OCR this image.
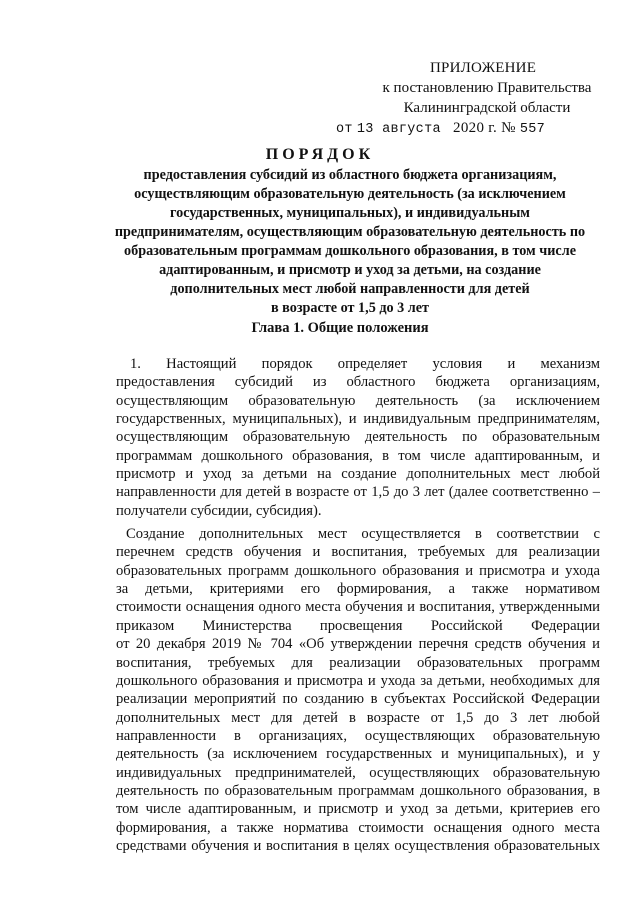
ПРИЛОЖЕНИЕ
к постановлению Правительства
Калининградской области
от 13 августа 2020 г. № 557
ПОРЯДОК
предоставления субсидий из областного бюджета организациям,
осуществляющим образовательную деятельность (за исключением
государственных, муниципальных), и индивидуальным
предпринимателям, осуществляющим образовательную деятельность по
образовательным программам дошкольного образования, в том числе
адаптированным, и присмотр и уход за детьми, на создание
дополнительных мест любой направленности для детей
в возрасте от 1,5 до 3 лет
Глава 1. Общие положения
1. Настоящий порядок определяет условия и механизм
предоставления субсидий из областного бюджета организациям,
осуществляющим образовательную деятельность (за исключением
государственных, муниципальных), и индивидуальным предпринимателям,
осуществляющим образовательную деятельность по образовательным
программам дошкольного образования, в том числе адаптированным, и
присмотр и уход за детьми на создание дополнительных мест любой
направленности для детей в возрасте от 1,5 до 3 лет (далее соответственно –
получатели субсидии, субсидия).
Создание дополнительных мест осуществляется в соответствии с
перечнем средств обучения и воспитания, требуемых для реализации
образовательных программ дошкольного образования и присмотра и ухода
за детьми, критериями его формирования, а также нормативом
стоимости оснащения одного места обучения и воспитания, утвержденными
приказом Министерства просвещения Российской Федерации
от 20 декабря 2019 № 704 «Об утверждении перечня средств обучения и
воспитания, требуемых для реализации образовательных программ
дошкольного образования и присмотра и ухода за детьми, необходимых для
реализации мероприятий по созданию в субъектах Российской Федерации
дополнительных мест для детей в возрасте от 1,5 до 3 лет любой
направленности в организациях, осуществляющих образовательную
деятельность (за исключением государственных и муниципальных), и у
индивидуальных предпринимателей, осуществляющих образовательную
деятельность по образовательным программам дошкольного образования, в
том числе адаптированным, и присмотр и уход за детьми, критериев его
формирования, а также норматива стоимости оснащения одного места
средствами обучения и воспитания в целях осуществления образовательных
